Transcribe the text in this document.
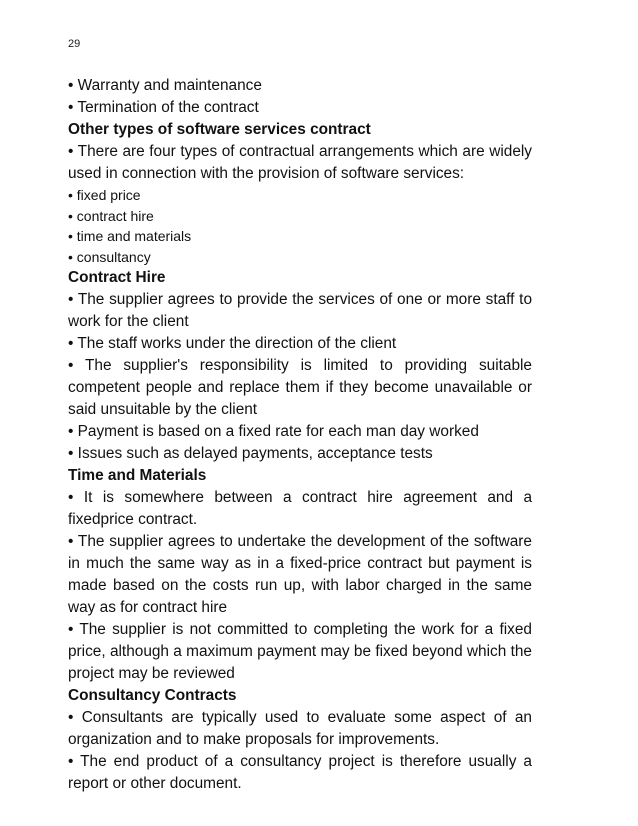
29

• Warranty and maintenance

• Termination of the contract

Other types of software services contract

• There are four types of contractual arrangements which are widely used in connection with the provision of software services:

• fixed price

• contract hire

• time and materials

• consultancy

Contract Hire

• The supplier agrees to provide the services of one or more staff to work for the client

• The staff works under the direction of the client

• The supplier's responsibility is limited to providing suitable competent people and replace them if they become unavailable or said unsuitable by the client

• Payment is based on a fixed rate for each man day worked

• Issues such as delayed payments, acceptance tests

Time and Materials

• It is somewhere between a contract hire agreement and a fixedprice contract.

• The supplier agrees to undertake the development of the software in much the same way as in a fixed-price contract but payment is made based on the costs run up, with labor charged in the same way as for contract hire

• The supplier is not committed to completing the work for a fixed price, although a maximum payment may be fixed beyond which the project may be reviewed

Consultancy Contracts

• Consultants are typically used to evaluate some aspect of an organization and to make proposals for improvements.

• The end product of a consultancy project is therefore usually a report or other document.
